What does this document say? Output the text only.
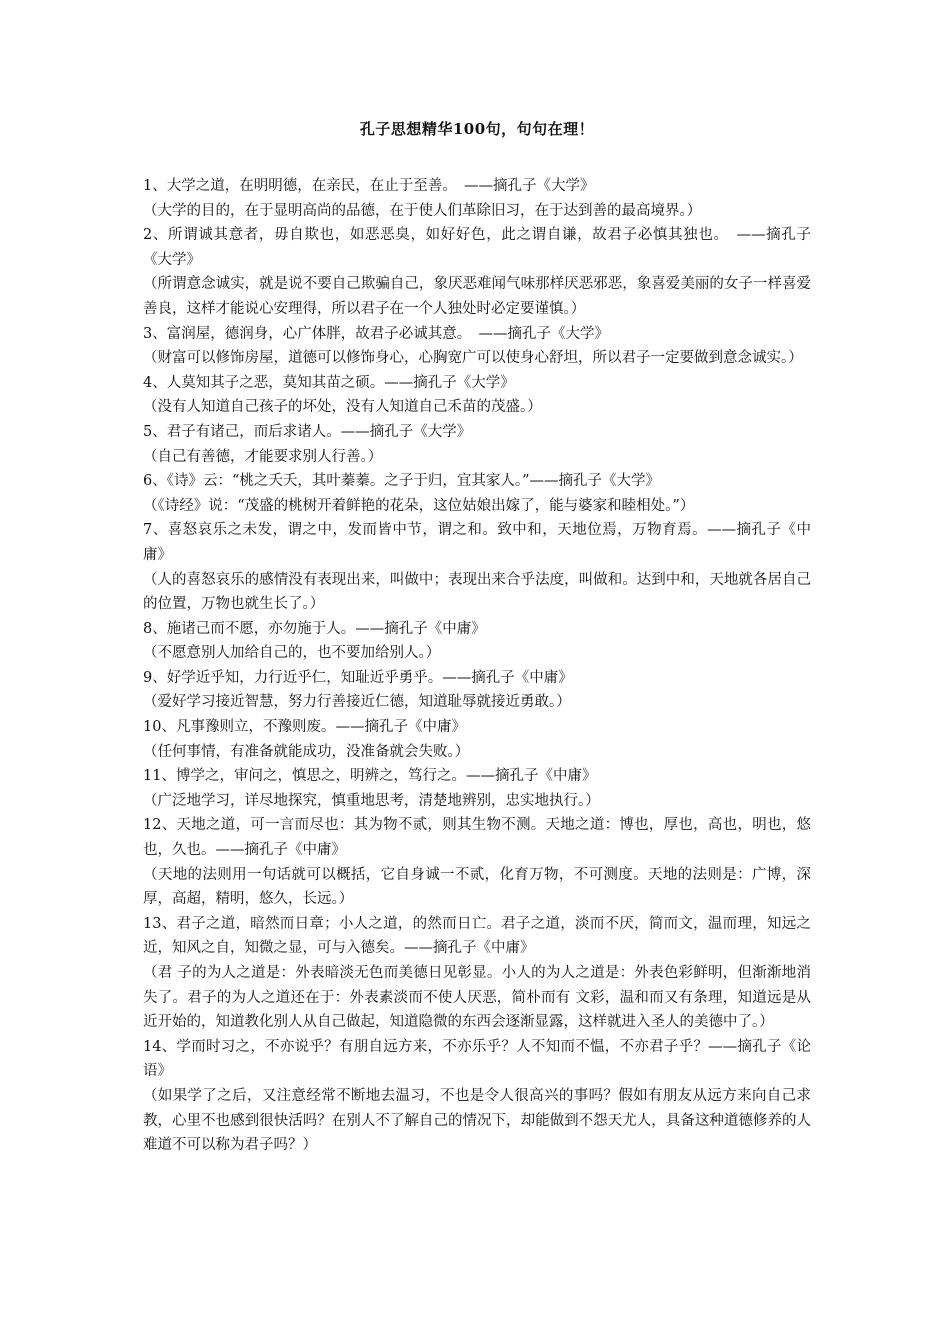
孔子思想精华100句，句句在理！

1、大学之道，在明明德，在亲民，在止于至善。　——摘孔子《大学》

（大学的目的，在于显明高尚的品德，在于使人们革除旧习，在于达到善的最高境界。）

2、所谓诚其意者，毋自欺也，如恶恶臭，如好好色，此之谓自谦，故君子必慎其独也。　——摘孔子《大学》

（所谓意念诚实，就是说不要自己欺骗自己，象厌恶难闻气味那样厌恶邪恶，象喜爱美丽的女子一样喜爱善良，这样才能说心安理得，所以君子在一个人独处时必定要谨慎。）

3、富润屋，德润身，心广体胖，故君子必诚其意。　——摘孔子《大学》

（财富可以修饰房屋，道德可以修饰身心，心胸宽广可以使身心舒坦，所以君子一定要做到意念诚实。）

4、人莫知其子之恶，莫知其苗之硕。——摘孔子《大学》

（没有人知道自己孩子的坏处，没有人知道自己禾苗的茂盛。）

5、君子有诸己，而后求诸人。——摘孔子《大学》

（自己有善德，才能要求别人行善。）

6、《诗》云：“桃之夭夭，其叶蓁蓁。之子于归，宜其家人。”——摘孔子《大学》

（《诗经》说：“茂盛的桃树开着鲜艳的花朵，这位姑娘出嫁了，能与婆家和睦相处。”）

7、喜怒哀乐之未发，谓之中，发而皆中节，谓之和。致中和，天地位焉，万物育焉。——摘孔子《中庸》

（人的喜怒哀乐的感情没有表现出来，叫做中；表现出来合乎法度，叫做和。达到中和，天地就各居自己的位置，万物也就生长了。）

8、施诸己而不愿，亦勿施于人。——摘孔子《中庸》

（不愿意别人加给自己的，也不要加给别人。）

9、好学近乎知，力行近乎仁，知耻近乎勇乎。——摘孔子《中庸》

（爱好学习接近智慧，努力行善接近仁德，知道耻辱就接近勇敢。）

10、凡事豫则立，不豫则废。——摘孔子《中庸》

（任何事情，有准备就能成功，没准备就会失败。）

11、博学之，审问之，慎思之，明辨之，笃行之。——摘孔子《中庸》

（广泛地学习，详尽地探究，慎重地思考，清楚地辨别，忠实地执行。）

12、天地之道，可一言而尽也：其为物不贰，则其生物不测。天地之道：博也，厚也，高也，明也，悠也，久也。——摘孔子《中庸》

（天地的法则用一句话就可以概括，它自身诚一不贰，化育万物，不可测度。天地的法则是：广博，深厚，高超，精明，悠久，长远。）

13、君子之道，暗然而日章；小人之道，的然而日亡。君子之道，淡而不厌，简而文，温而理，知远之近，知风之自，知微之显，可与入德矣。——摘孔子《中庸》

（君 子的为人之道是：外表暗淡无色而美德日见彰显。小人的为人之道是：外表色彩鲜明，但渐渐地消失了。君子的为人之道还在于：外表素淡而不使人厌恶，简朴而有 文彩，温和而又有条理，知道远是从近开始的，知道教化别人从自己做起，知道隐微的东西会逐渐显露，这样就进入圣人的美德中了。）

14、学而时习之，不亦说乎？有朋自远方来，不亦乐乎？人不知而不愠，不亦君子乎？——摘孔子《论语》

（如果学了之后，又注意经常不断地去温习，不也是令人很高兴的事吗？假如有朋友从远方来向自己求教，心里不也感到很快活吗？在别人不了解自己的情况下，却能做到不怨天尤人，具备这种道德修养的人难道不可以称为君子吗？）
